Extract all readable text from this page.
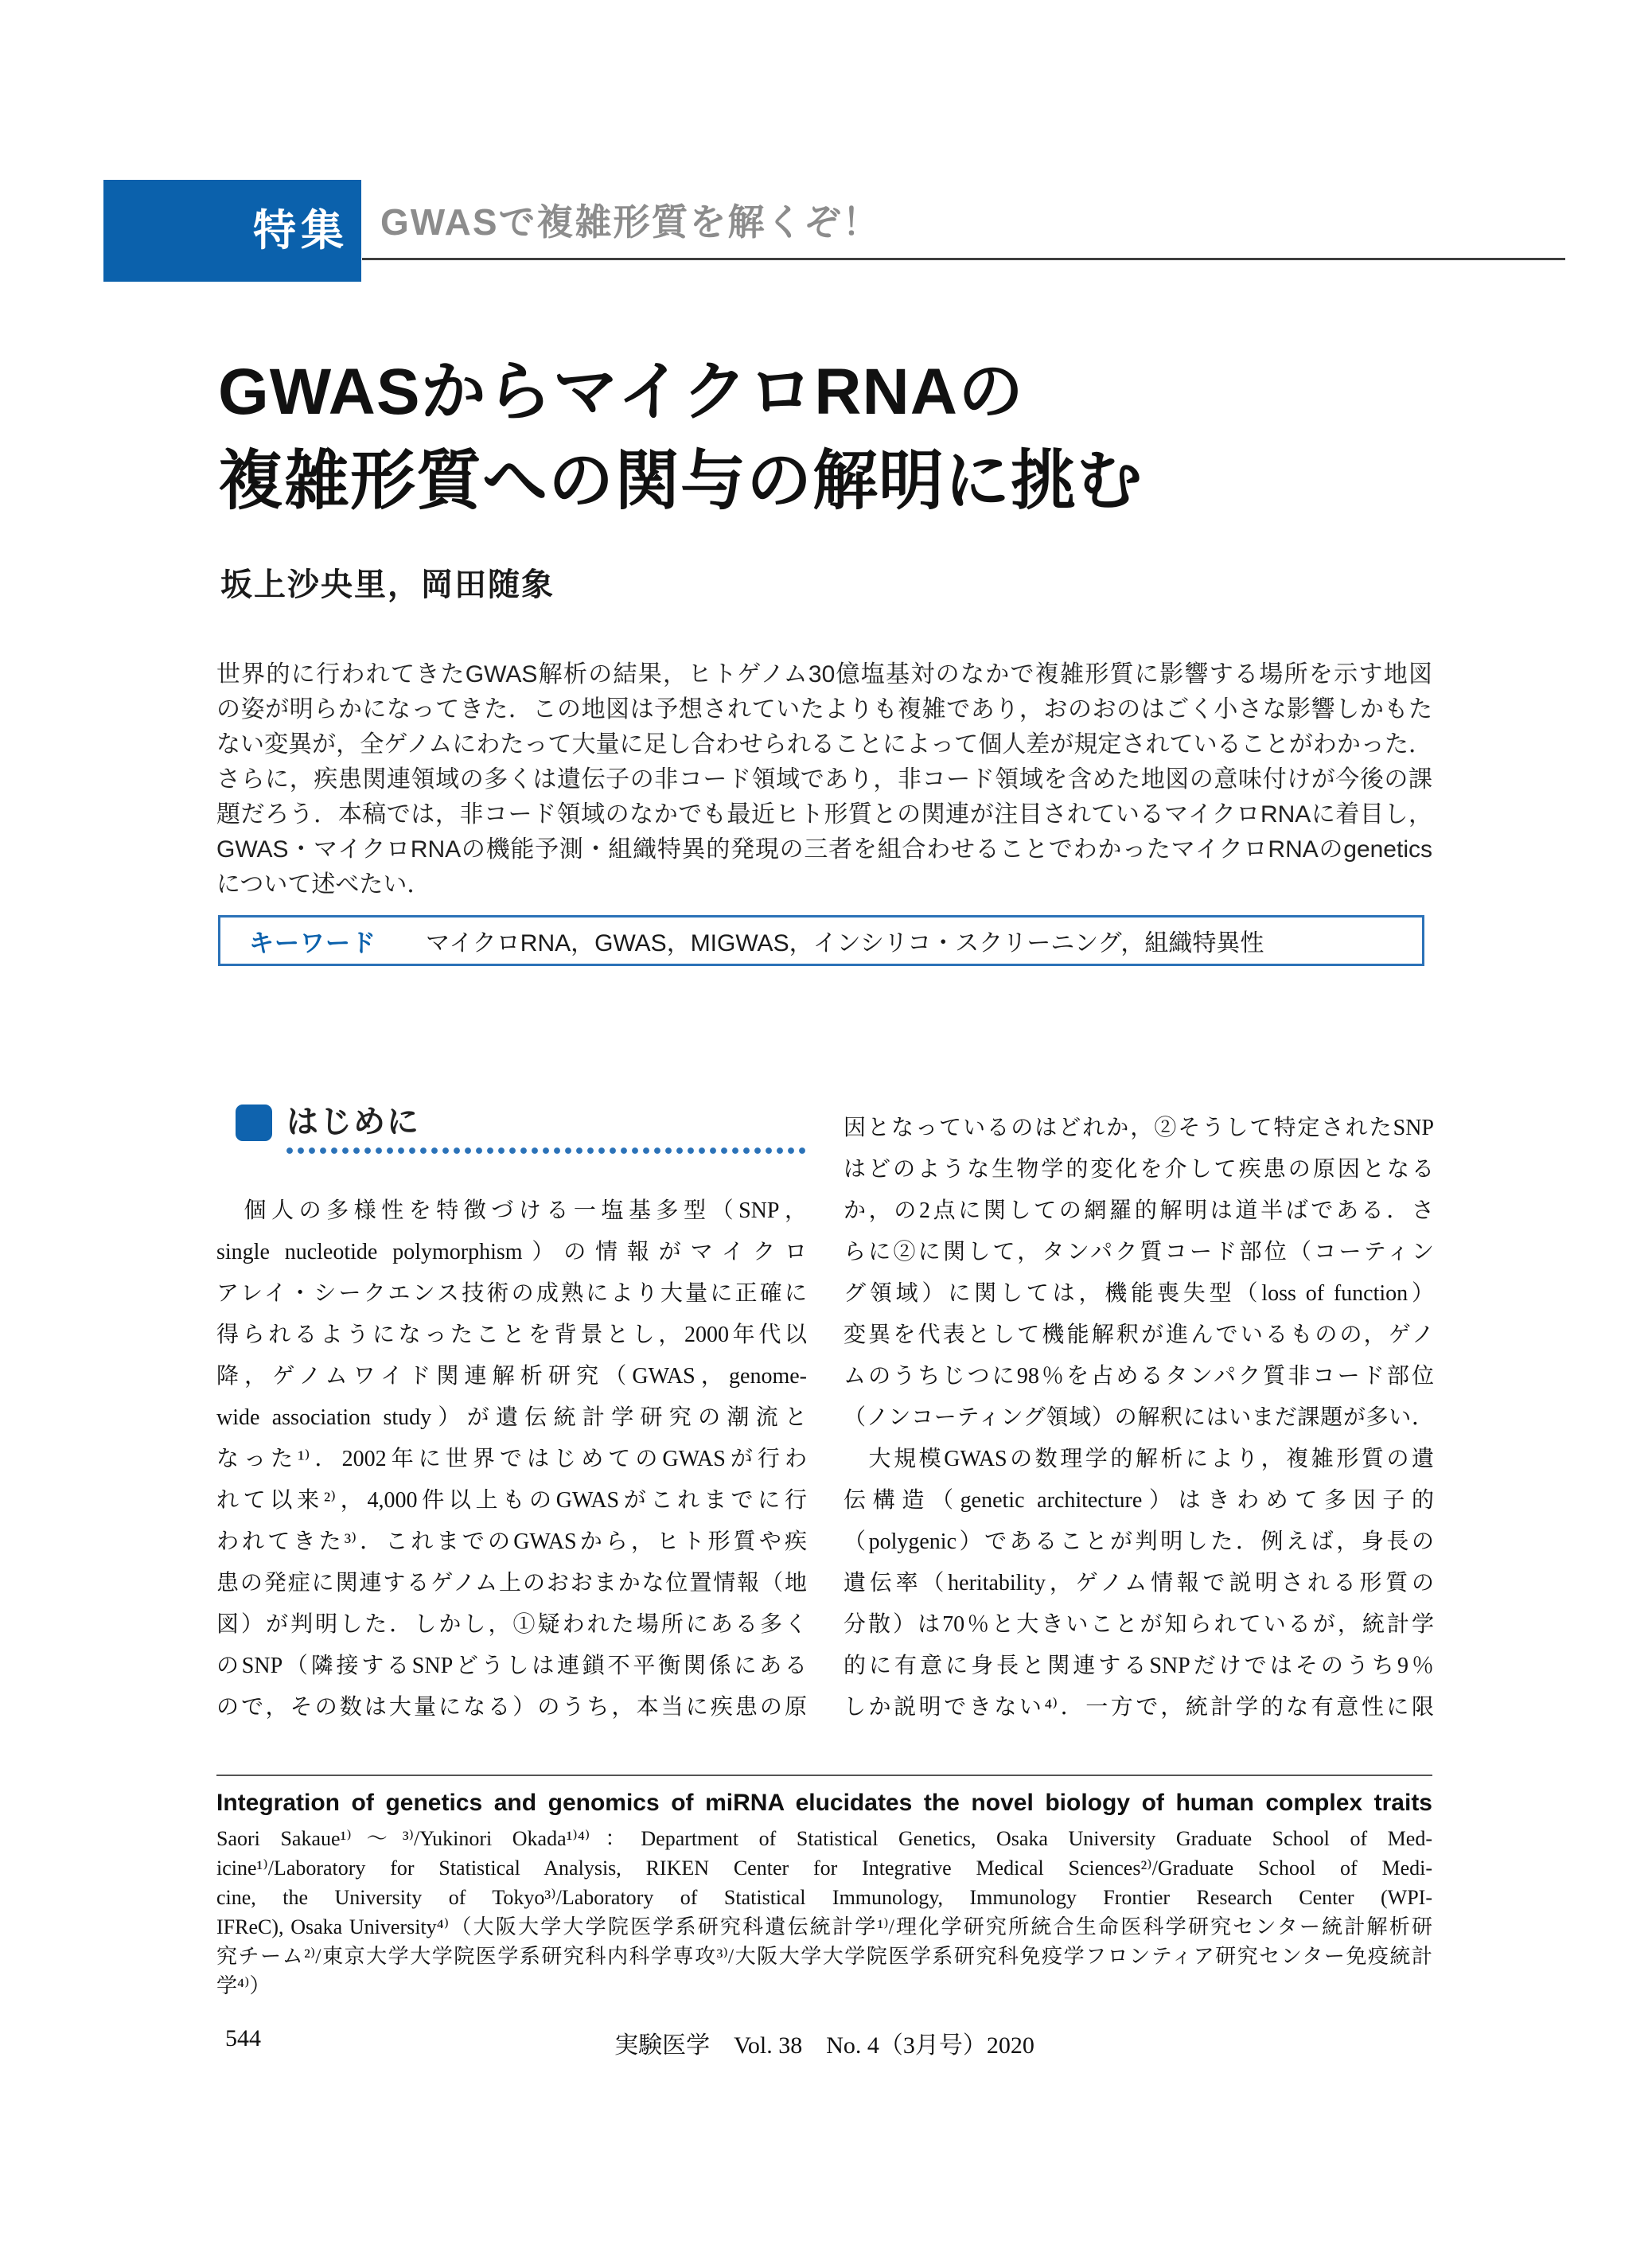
特集 GWASで複雑形質を解くぞ！
GWASからマイクロRNAの
複雑形質への関与の解明に挑む
坂上沙央里，岡田随象
世界的に行われてきたGWAS解析の結果，ヒトゲノム30億塩基対のなかで複雑形質に影響する場所を示す地図
の姿が明らかになってきた．この地図は予想されていたよりも複雑であり，おのおのはごく小さな影響しかもた
ない変異が，全ゲノムにわたって大量に足し合わせられることによって個人差が規定されていることがわかった．
さらに，疾患関連領域の多くは遺伝子の非コード領域であり，非コード領域を含めた地図の意味付けが今後の課
題だろう．本稿では，非コード領域のなかでも最近ヒト形質との関連が注目されているマイクロRNAに着目し，
GWAS・マイクロRNAの機能予測・組織特異的発現の三者を組合わせることでわかったマイクロRNAのgenetics
について述べたい．
キーワード マイクロRNA，GWAS，MIGWAS，インシリコ・スクリーニング，組織特異性
はじめに
　個人の多様性を特徴づける一塩基多型（SNP，
single nucleotide polymorphism）の情報がマイクロ
アレイ・シークエンス技術の成熟により大量に正確に
得られるようになったことを背景とし，2000年代以
降，ゲノムワイド関連解析研究（GWAS，genome-
wide association study）が遺伝統計学研究の潮流と
なった¹⁾．2002年に世界ではじめてのGWASが行わ
れて以来²⁾，4,000件以上ものGWASがこれまでに行
われてきた³⁾．これまでのGWASから，ヒト形質や疾
患の発症に関連するゲノム上のおおまかな位置情報（地
図）が判明した．しかし，①疑われた場所にある多く
のSNP（隣接するSNPどうしは連鎖不平衡関係にある
ので，その数は大量になる）のうち，本当に疾患の原
因となっているのはどれか，②そうして特定されたSNP
はどのような生物学的変化を介して疾患の原因となる
か，の2点に関しての網羅的解明は道半ばである．さ
らに②に関して，タンパク質コード部位（コーティン
グ領域）に関しては，機能喪失型（loss of function）
変異を代表として機能解釈が進んでいるものの，ゲノ
ムのうちじつに98％を占めるタンパク質非コード部位
（ノンコーティング領域）の解釈にはいまだ課題が多い．
　大規模GWASの数理学的解析により，複雑形質の遺
伝構造（genetic architecture）はきわめて多因子的
（polygenic）であることが判明した．例えば，身長の
遺伝率（heritability，ゲノム情報で説明される形質の
分散）は70％と大きいことが知られているが，統計学
的に有意に身長と関連するSNPだけではそのうち9％
しか説明できない⁴⁾．一方で，統計学的な有意性に限
Integration of genetics and genomics of miRNA elucidates the novel biology of human complex traits
Saori Sakaue¹⁾～³⁾/Yukinori Okada¹⁾⁴⁾：Department of Statistical Genetics, Osaka University Graduate School of Med-
icine¹⁾/Laboratory for Statistical Analysis, RIKEN Center for Integrative Medical Sciences²⁾/Graduate School of Medi-
cine, the University of Tokyo³⁾/Laboratory of Statistical Immunology, Immunology Frontier Research Center (WPI-
IFReC), Osaka University⁴⁾（大阪大学大学院医学系研究科遺伝統計学¹⁾/理化学研究所統合生命医科学研究センター統計解析研
究チーム²⁾/東京大学大学院医学系研究科内科学専攻³⁾/大阪大学大学院医学系研究科免疫学フロンティア研究センター免疫統計
学⁴⁾）
544	実験医学　Vol. 38　No. 4（3月号）2020
